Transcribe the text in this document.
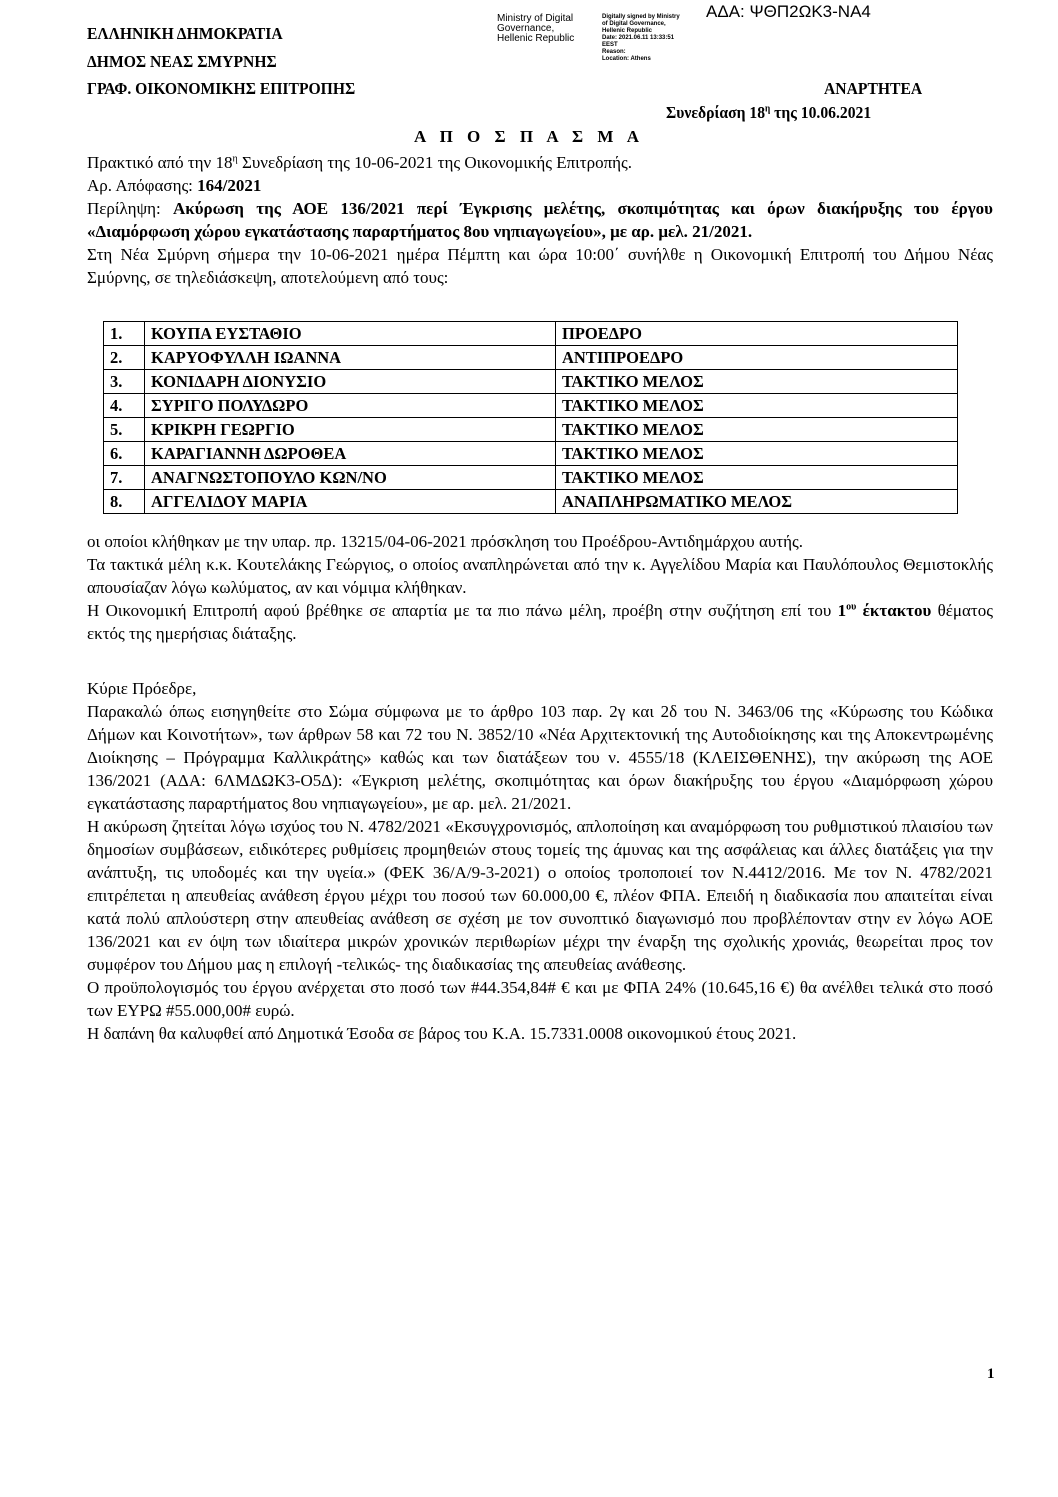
ΑΔΑ: ΨΘΠ2ΩΚ3-ΝΑ4
ΕΛΛΗΝΙΚΗ ΔΗΜΟΚΡΑΤΙΑ
ΔΗΜΟΣ ΝΕΑΣ ΣΜΥΡΝΗΣ
ΓΡΑΦ. ΟΙΚΟΝΟΜΙΚΗΣ ΕΠΙΤΡΟΠΗΣ
Ministry of Digital
Governance,
Hellenic Republic
Digitally signed by Ministry
of Digital Governance,
Hellenic Republic
Date: 2021.06.11 13:33:51
EEST
Reason:
Location: Athens
ΑΝΑΡΤΗΤΕΑ
Συνεδρίαση $18^\eta$ της 10.06.2021
Α Π Ο Σ Π Α Σ Μ Α

Πρακτικό από την $18^\eta$ Συνεδρίαση της 10-06-2021 της Οικονομικής Επιτροπής.

Αρ. Απόφασης: 164/2021

Περίληψη: Ακύρωση της ΑΟΕ 136/2021 περί Έγκρισης μελέτης, σκοπιμότητας και όρων διακήρυξης του έργου «Διαμόρφωση χώρου εγκατάστασης παραρτήματος 8ου νηπιαγωγείου», με αρ. μελ. 21/2021.

Στη Νέα Σμύρνη σήμερα την 10-06-2021 ημέρα Πέμπτη και ώρα 10:00΄ συνήλθε η Οικονομική Επιτροπή του Δήμου Νέας Σμύρνης, σε τηλεδιάσκεψη, αποτελούμενη από τους:

1.	ΚΟΥΠΑ ΕΥΣΤΑΘΙΟ	ΠΡΟΕΔΡΟ
2.	ΚΑΡΥΟΦΥΛΛΗ ΙΩΑΝΝΑ	ΑΝΤΙΠΡΟΕΔΡΟ
3.	ΚΟΝΙΔΑΡΗ ΔΙΟΝΥΣΙΟ	ΤΑΚΤΙΚΟ ΜΕΛΟΣ
4.	ΣΥΡΙΓΟ ΠΟΛΥΔΩΡΟ	ΤΑΚΤΙΚΟ ΜΕΛΟΣ
5.	ΚΡΙΚΡΗ ΓΕΩΡΓΙΟ	ΤΑΚΤΙΚΟ ΜΕΛΟΣ
6.	ΚΑΡΑΓΙΑΝΝΗ ΔΩΡΟΘΕΑ	ΤΑΚΤΙΚΟ ΜΕΛΟΣ
7.	ΑΝΑΓΝΩΣΤΟΠΟΥΛΟ ΚΩΝ/ΝΟ	ΤΑΚΤΙΚΟ ΜΕΛΟΣ
8.	ΑΓΓΕΛΙΔΟΥ ΜΑΡΙΑ	ΑΝΑΠΛΗΡΩΜΑΤΙΚΟ ΜΕΛΟΣ

οι οποίοι κλήθηκαν με την υπαρ. πρ. 13215/04-06-2021 πρόσκληση του Προέδρου-Αντιδημάρχου αυτής.

Τα τακτικά μέλη κ.κ. Κουτελάκης Γεώργιος, ο οποίος αναπληρώνεται από την κ. Αγγελίδου Μαρία και Παυλόπουλος Θεμιστοκλής απουσίαζαν λόγω κωλύματος, αν και νόμιμα κλήθηκαν.

Η Οικονομική Επιτροπή αφού βρέθηκε σε απαρτία με τα πιο πάνω μέλη, προέβη στην συζήτηση επί του $1^{o\upsilon}$ έκτακτου θέματος εκτός της ημερήσιας διάταξης.

Κύριε Πρόεδρε,

Παρακαλώ όπως εισηγηθείτε στο Σώμα σύμφωνα με το άρθρο 103 παρ. 2γ και 2δ του Ν. 3463/06 της «Κύρωσης του Κώδικα Δήμων και Κοινοτήτων», των άρθρων 58 και 72 του Ν. 3852/10 «Νέα Αρχιτεκτονική της Αυτοδιοίκησης και της Αποκεντρωμένης Διοίκησης – Πρόγραμμα Καλλικράτης» καθώς και των διατάξεων του ν. 4555/18 (ΚΛΕΙΣΘΕΝΗΣ), την ακύρωση της ΑΟΕ 136/2021 (ΑΔΑ: 6ΛΜΔΩΚ3-Ο5Δ): «Έγκριση μελέτης, σκοπιμότητας και όρων διακήρυξης του έργου «Διαμόρφωση χώρου εγκατάστασης παραρτήματος 8ου νηπιαγωγείου», με αρ. μελ. 21/2021.

Η ακύρωση ζητείται λόγω ισχύος του Ν. 4782/2021 «Εκσυγχρονισμός, απλοποίηση και αναμόρφωση του ρυθμιστικού πλαισίου των δημοσίων συμβάσεων, ειδικότερες ρυθμίσεις προμηθειών στους τομείς της άμυνας και της ασφάλειας και άλλες διατάξεις για την ανάπτυξη, τις υποδομές και την υγεία.» (ΦΕΚ 36/Α/9-3-2021) ο οποίος τροποποιεί τον Ν.4412/2016. Με τον Ν. 4782/2021 επιτρέπεται η απευθείας ανάθεση έργου μέχρι του ποσού των 60.000,00 €, πλέον ΦΠΑ. Επειδή η διαδικασία που απαιτείται είναι κατά πολύ απλούστερη στην απευθείας ανάθεση σε σχέση με τον συνοπτικό διαγωνισμό που προβλέπονταν στην εν λόγω ΑΟΕ 136/2021 και εν όψη των ιδιαίτερα μικρών χρονικών περιθωρίων μέχρι την έναρξη της σχολικής χρονιάς, θεωρείται προς τον συμφέρον του Δήμου μας η επιλογή -τελικώς- της διαδικασίας της απευθείας ανάθεσης.

Ο προϋπολογισμός του έργου ανέρχεται στο ποσό των #44.354,84# € και με ΦΠΑ 24% (10.645,16 €) θα ανέλθει τελικά στο ποσό των ΕΥΡΩ #55.000,00# ευρώ.

Η δαπάνη θα καλυφθεί από Δημοτικά Έσοδα σε βάρος του Κ.Α. 15.7331.0008 οικονομικού έτους 2021.

1
